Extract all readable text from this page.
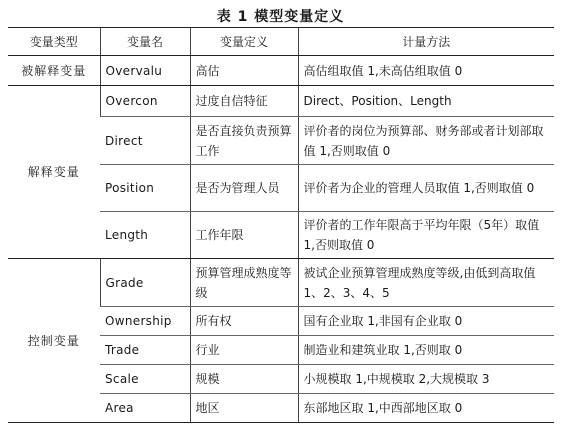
表 1 模型变量定义
变量类型	变量名	变量定义	计量方法
被解释变量	Overvalu	高估	高估组取值 1,未高估组取值 0
解释变量	Overcon	过度自信特征	Direct、Position、Length
	Direct	是否直接负责预算工作	评价者的岗位为预算部、财务部或者计划部取值 1,否则取值 0
	Position	是否为管理人员	评价者为企业的管理人员取值 1,否则取值 0
	Length	工作年限	评价者的工作年限高于平均年限（5年）取值 1,否则取值 0
控制变量	Grade	预算管理成熟度等级	被试企业预算管理成熟度等级,由低到高取值 1、2、3、4、5
	Ownership	所有权	国有企业取 1,非国有企业取 0
	Trade	行业	制造业和建筑业取 1,否则取 0
	Scale	规模	小规模取 1,中规模取 2,大规模取 3
	Area	地区	东部地区取 1,中西部地区取 0
